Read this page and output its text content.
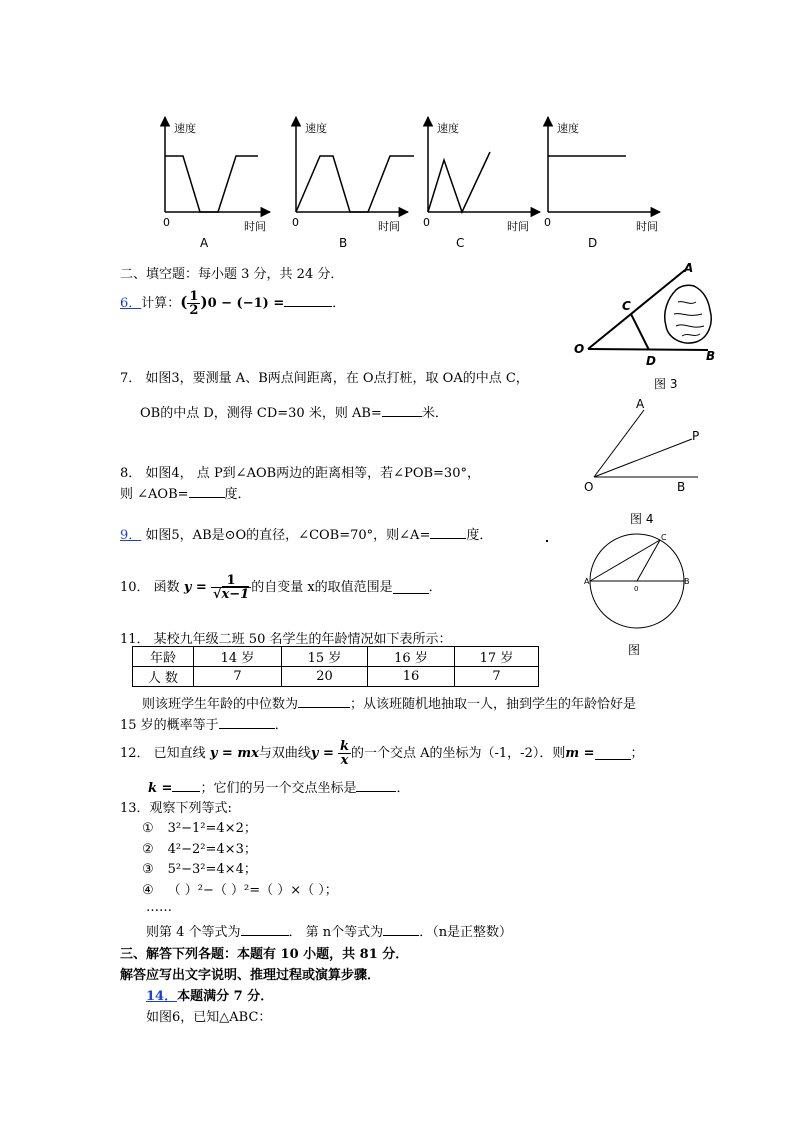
速度
0	时间
A
速度
0	时间
B
速度
0	时间
C
速度
0	时间
D
二、填空题：每小题 3 分，共 24 分．
6．计算：( $\frac{1}{2} )0 - (-1)$ =	．
A
C
O
D	B
图 3
7． 如图3，要测量 A、B两点间距离，在 O点打桩，取 OA的中点 C，
OB的中点 D，测得 CD=30 米，则 AB=	米．
A
P
O	B
图 4
8． 如图4， 点 P到∠AOB两边的距离相等，若∠POB=30°，
则 ∠AOB=	度．
9． 如图5，AB是⊙O的直径，∠COB=70°，则∠A=	度．
A	B
C
0
图
10． 函数 $y = \frac{1}{√x-1}$ 的自变量 x的取值范围是	．
11． 某校九年级二班 50 名学生的年龄情况如下表所示：
年龄	14 岁	15 岁	16 岁	17 岁
人 数	7	20	16	7
则该班学生年龄的中位数为	；从该班随机地抽取一人，抽到学生的年龄恰好是
15 岁的概率等于	．
12． 已知直线 y = mx与双曲线$y = \frac{k}{x}$ 的一个交点 A的坐标为（-1，-2）．则m =	；
k = ；它们的另一个交点坐标是	．
13．观察下列等式:
① 3²−1²=4×2；
② 4²−2²=4×3；
③ 5²−3²=4×4；
④ （ ）²−（ ）²=（ ）×（ ）；
……
则第 4 个等式为	． 第 n个等式为	．（n是正整数）
三、解答下列各题：本题有 10 小题，共 81 分．
解答应写出文字说明、推理过程或演算步骤．
14．本题满分 7 分．
如图6，已知△ABC：
